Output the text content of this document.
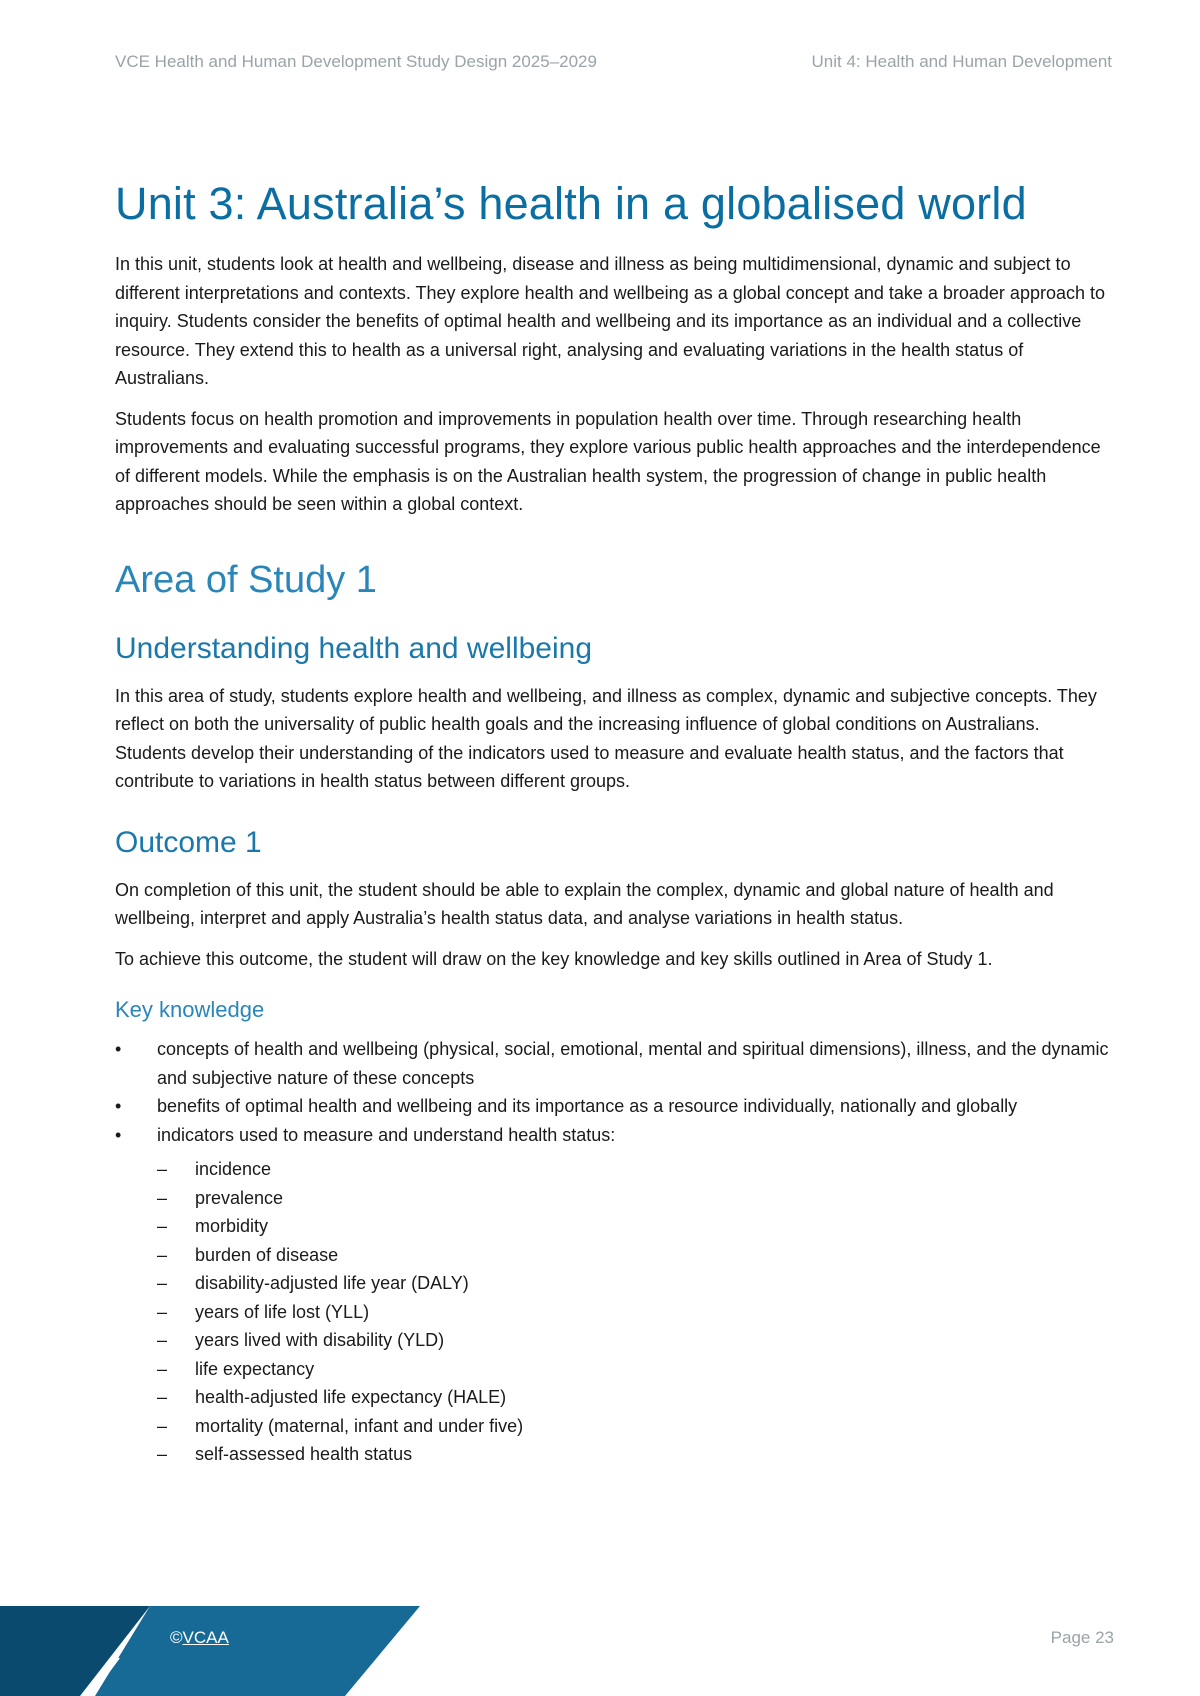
VCE Health and Human Development Study Design 2025–2029	Unit 4: Health and Human Development
Unit 3: Australia’s health in a globalised world

In this unit, students look at health and wellbeing, disease and illness as being multidimensional, dynamic and subject to different interpretations and contexts. They explore health and wellbeing as a global concept and take a broader approach to inquiry. Students consider the benefits of optimal health and wellbeing and its importance as an individual and a collective resource. They extend this to health as a universal right, analysing and evaluating variations in the health status of Australians.

Students focus on health promotion and improvements in population health over time. Through researching health improvements and evaluating successful programs, they explore various public health approaches and the interdependence of different models. While the emphasis is on the Australian health system, the progression of change in public health approaches should be seen within a global context.

Area of Study 1
Understanding health and wellbeing

In this area of study, students explore health and wellbeing, and illness as complex, dynamic and subjective concepts. They reflect on both the universality of public health goals and the increasing influence of global conditions on Australians. Students develop their understanding of the indicators used to measure and evaluate health status, and the factors that contribute to variations in health status between different groups.

Outcome 1

On completion of this unit, the student should be able to explain the complex, dynamic and global nature of health and wellbeing, interpret and apply Australia’s health status data, and analyse variations in health status.

To achieve this outcome, the student will draw on the key knowledge and key skills outlined in Area of Study 1.

Key knowledge
•	concepts of health and wellbeing (physical, social, emotional, mental and spiritual dimensions), illness, and the dynamic and subjective nature of these concepts
•	benefits of optimal health and wellbeing and its importance as a resource individually, nationally and globally
•	indicators used to measure and understand health status:
– incidence
– prevalence
– morbidity
– burden of disease
– disability-adjusted life year (DALY)
– years of life lost (YLL)
– years lived with disability (YLD)
– life expectancy
– health-adjusted life expectancy (HALE)
– mortality (maternal, infant and under five)
– self-assessed health status
©VCAA	Page 23
